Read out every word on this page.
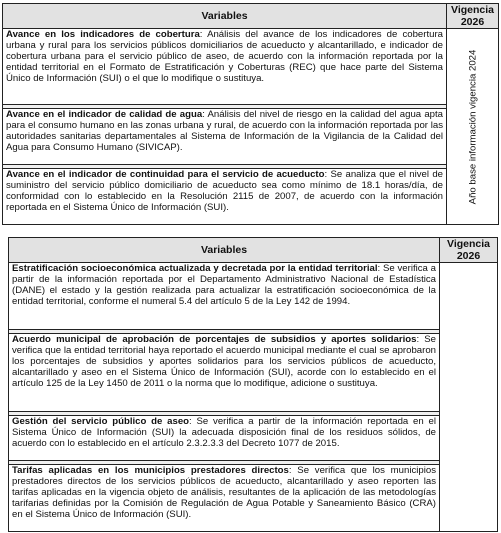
Variables	Vigencia
2026

Avance en los indicadores de cobertura: Análisis del avance de los indicadores de cobertura urbana y rural para los servicios públicos domiciliarios de acueducto y alcantarillado, e indicador de cobertura urbana para el servicio público de aseo, de acuerdo con la información reportada por la entidad territorial en el Formato de Estratificación y Coberturas (REC) que hace parte del Sistema Único de Información (SUI) o el que lo modifique o sustituya.	Año base información vigencia 2024

Avance en el indicador de calidad de agua: Análisis del nivel de riesgo en la calidad del agua apta para el consumo humano en las zonas urbana y rural, de acuerdo con la información reportada por las autoridades sanitarias departamentales al Sistema de Información de la Vigilancia de la Calidad del Agua para Consumo Humano (SIVICAP).	

Avance en el indicador de continuidad para el servicio de acueducto: Se analiza que el nivel de suministro del servicio público domiciliario de acueducto sea como mínimo de 18.1 horas/día, de conformidad con lo establecido en la Resolución 2115 de 2007, de acuerdo con la información reportada en el Sistema Único de Información (SUI).	
Variables	Vigencia
2026

Estratificación socioeconómica actualizada y decretada por la entidad territorial: Se verifica a partir de la información reportada por el Departamento Administrativo Nacional de Estadística (DANE) el estado y la gestión realizada para actualizar la estratificación socioeconómica de la entidad territorial, conforme el numeral 5.4 del artículo 5 de la Ley 142 de 1994.	

Acuerdo municipal de aprobación de porcentajes de subsidios y aportes solidarios: Se verifica que la entidad territorial haya reportado el acuerdo municipal mediante el cual se aprobaron los porcentajes de subsidios y aportes solidarios para los servicios públicos de acueducto, alcantarillado y aseo en el Sistema Único de Información (SUI), acorde con lo establecido en el artículo 125 de la Ley 1450 de 2011 o la norma que lo modifique, adicione o sustituya.	

Gestión del servicio público de aseo: Se verifica a partir de la información reportada en el Sistema Único de Información (SUI) la adecuada disposición final de los residuos sólidos, de acuerdo con lo establecido en el artículo 2.3.2.3.3 del Decreto 1077 de 2015.	

Tarifas aplicadas en los municipios prestadores directos: Se verifica que los municipios prestadores directos de los servicios públicos de acueducto, alcantarillado y aseo reporten las tarifas aplicadas en la vigencia objeto de análisis, resultantes de la aplicación de las metodologías tarifarias definidas por la Comisión de Regulación de Agua Potable y Saneamiento Básico (CRA) en el Sistema Único de Información (SUI).	
